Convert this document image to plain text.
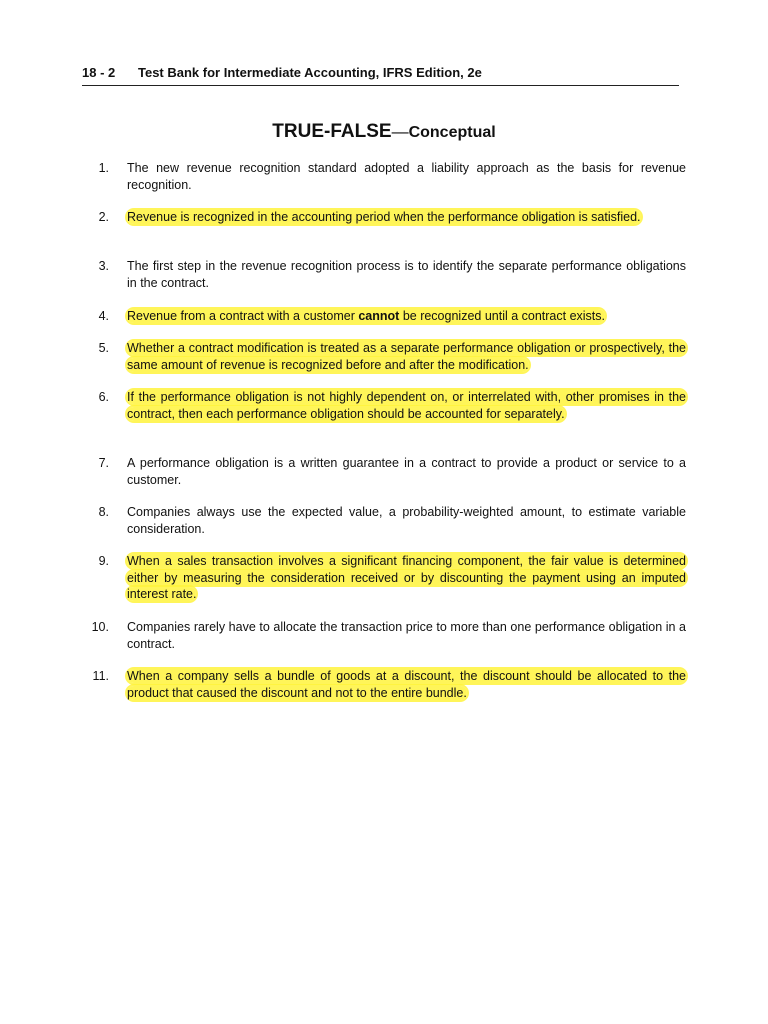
18 - 2 Test Bank for Intermediate Accounting, IFRS Edition, 2e
TRUE-FALSE—Conceptual
1. The new revenue recognition standard adopted a liability approach as the basis for revenue recognition.
2. Revenue is recognized in the accounting period when the performance obligation is satisfied.
3. The first step in the revenue recognition process is to identify the separate performance obligations in the contract.
4. Revenue from a contract with a customer cannot be recognized until a contract exists.
5. Whether a contract modification is treated as a separate performance obligation or prospectively, the same amount of revenue is recognized before and after the modification.
6. If the performance obligation is not highly dependent on, or interrelated with, other promises in the contract, then each performance obligation should be accounted for separately.
7. A performance obligation is a written guarantee in a contract to provide a product or service to a customer.
8. Companies always use the expected value, a probability-weighted amount, to estimate variable consideration.
9. When a sales transaction involves a significant financing component, the fair value is determined either by measuring the consideration received or by discounting the payment using an imputed interest rate.
10. Companies rarely have to allocate the transaction price to more than one performance obligation in a contract.
11. When a company sells a bundle of goods at a discount, the discount should be allocated to the product that caused the discount and not to the entire bundle.
